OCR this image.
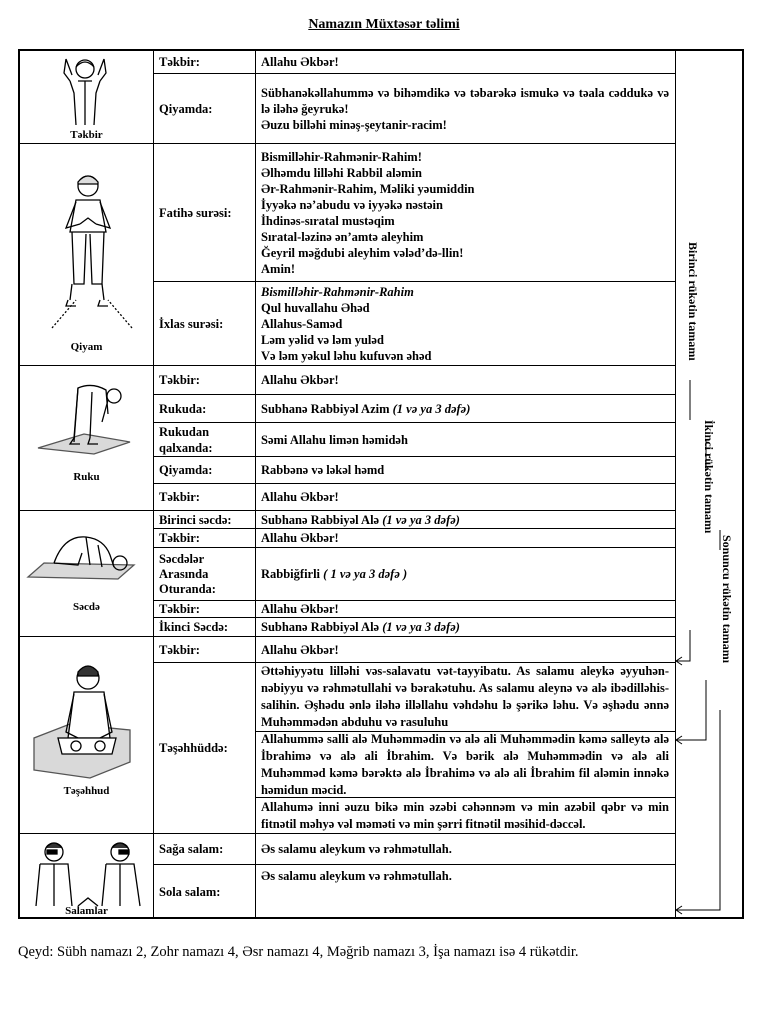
Namazın Müxtəsər təlimi
Təkbir
Qiyam
Ruku
Səcdə
Təşəhhud
Salamlar
Təkbir:
Qiyamda:
Fatihə surəsi:
İxlas surəsi:
Təkbir:
Rukuda:
Rukudan qalxanda:
Qiyamda:
Təkbir:
Birinci səcdə:
Təkbir:
Səcdələr
Arasında
Oturanda:
Təkbir:
İkinci Səcdə:
Təkbir:
Təşəhhüddə:
Sağa salam:
Sola salam:
Allahu Əkbər!
Sübhanəkəllahummə və bihəmdikə və təbarəkə ismukə və təala cəddukə və lə iləhə ğeyrukə!
Əuzu billəhi minəş-şeytanir-racim!
Bismilləhir-Rahmənir-Rahim!
Əlhəmdu lilləhi Rabbil aləmin
Ər-Rahmənir-Rahim, Məliki yəumiddin
İyyəkə nə’abudu və iyyəkə nəstəin
İhdinəs-sıratal mustəqim
Sıratal-ləzinə ən’amtə aleyhim
Ğeyril məğdubi aleyhim vələd’də-llin!
Amin!
Bismilləhir-Rahmənir-Rahim
Qul huvallahu Əhəd
Allahus-Saməd
Ləm yəlid və ləm yuləd
Və ləm yəkul ləhu kufuvən əhəd
Allahu Əkbər!
Subhanə Rabbiyəl Azim (1 və ya 3 dəfə)
Səmi Allahu limən həmidəh
Rabbənə və ləkəl həmd
Allahu Əkbər!
Subhanə Rabbiyəl Alə (1 və ya 3 dəfə)
Allahu Əkbər!
Rabbiğfirli ( 1 və ya 3 dəfə )
Allahu Əkbər!
Subhanə Rabbiyəl Alə (1 və ya 3 dəfə)
Allahu Əkbər!
Əttəhiyyətu lilləhi vəs-salavatu vət-tayyibatu. As salamu aleykə əyyuhən-nəbiyyu və rəhmətullahi və bərakətuhu. As salamu aleynə və alə ibədilləhis-salihin. Əşhədu ənlə iləhə illəllahu vəhdəhu lə şərikə ləhu. Və əşhədu ənnə Muhəmmədən abduhu və rasuluhu
Allahummə salli alə Muhəmmədin və alə ali Muhəmmədin kəmə salleytə alə İbrahimə və alə ali İbrahim. Və bərik alə Muhəmmədin və alə ali Muhəmməd kəmə bərəktə alə İbrahimə və alə ali İbrahim fil aləmin innəkə həmidun məcid.
Allahumə inni əuzu bikə min əzəbi cəhənnəm və min azəbil qəbr və min fitnətil məhyə vəl məməti və min şərri fitnətil məsihid-dəccəl.
Əs salamu aleykum və rəhmətullah.
Əs salamu aleykum və rəhmətullah.
Birinci rükətin tamamı
İkinci rükətin tamamı
Sonuncu rükətin tamamı
Qeyd: Sübh namazı 2, Zohr namazı 4, Əsr namazı 4, Məğrib namazı 3, İşa namazı isə 4 rükətdir.
